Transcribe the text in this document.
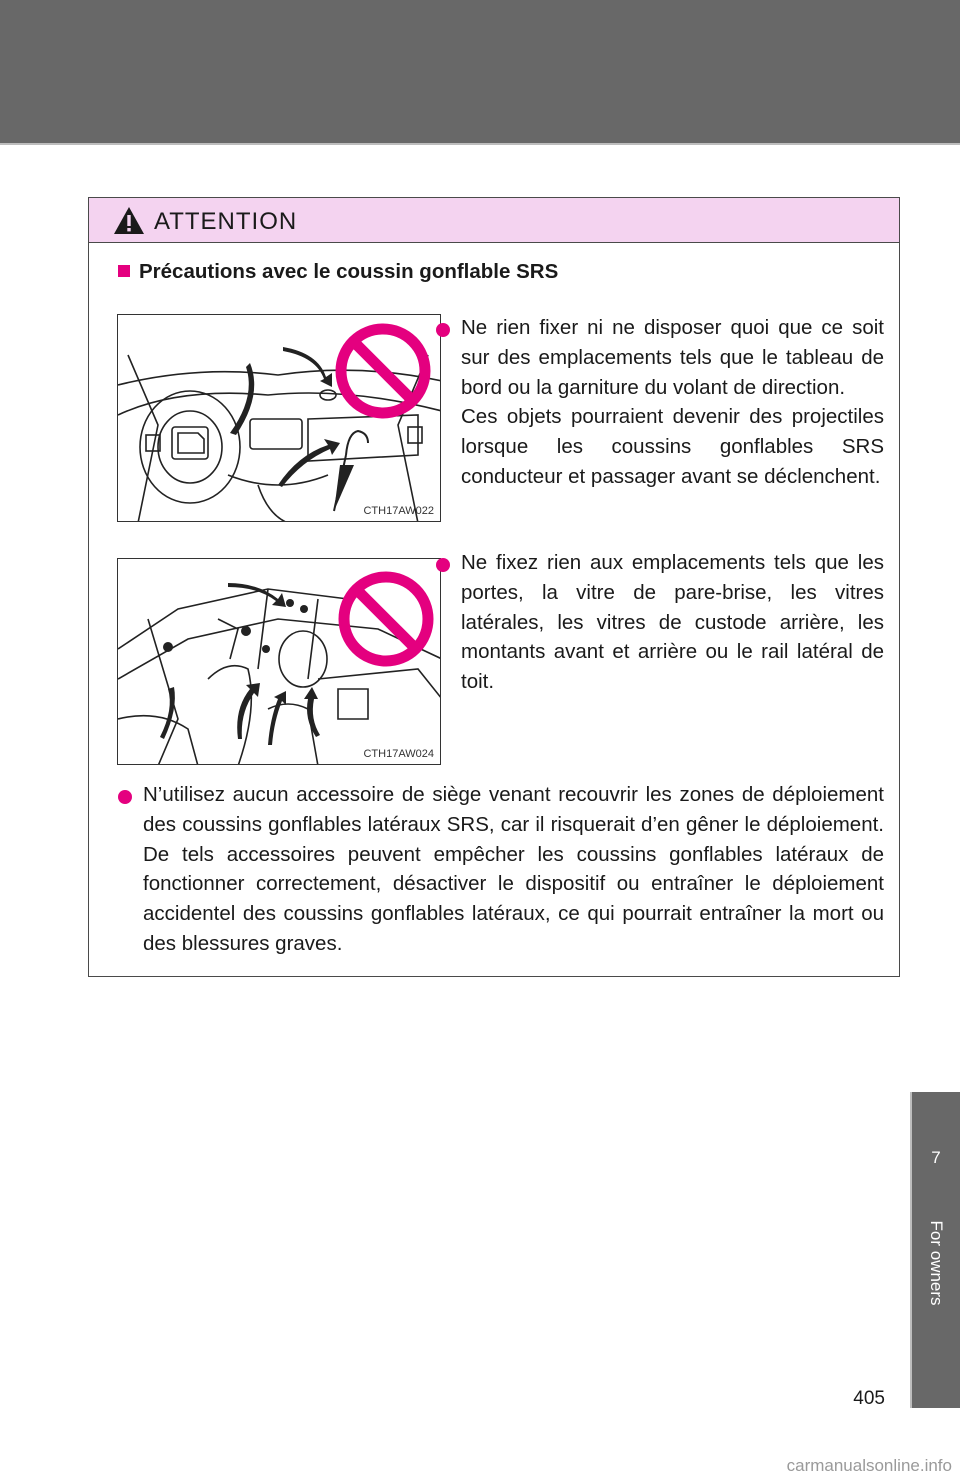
ATTENTION
Précautions avec le coussin gonflable SRS
CTH17AW022
CTH17AW024
Ne rien fixer ni ne disposer quoi que ce soit sur des emplacements tels que le tableau de bord ou la garniture du volant de direction.
Ces objets pourraient devenir des projectiles lorsque les coussins gonflables SRS conducteur et passager avant se déclenchent.
Ne fixez rien aux emplacements tels que les portes, la vitre de pare-brise, les vitres latérales, les vitres de custode arrière, les montants avant et arrière ou le rail latéral de toit.
N’utilisez aucun accessoire de siège venant recouvrir les zones de déploiement des coussins gonflables latéraux SRS, car il risquerait d’en gêner le déploiement. De tels accessoires peuvent empêcher les coussins gonflables latéraux de fonctionner correctement, désactiver le dispositif ou entraîner le déploiement accidentel des coussins gonflables latéraux, ce qui pourrait entraîner la mort ou des blessures graves.
7
For owners
405
carmanualsonline.info
